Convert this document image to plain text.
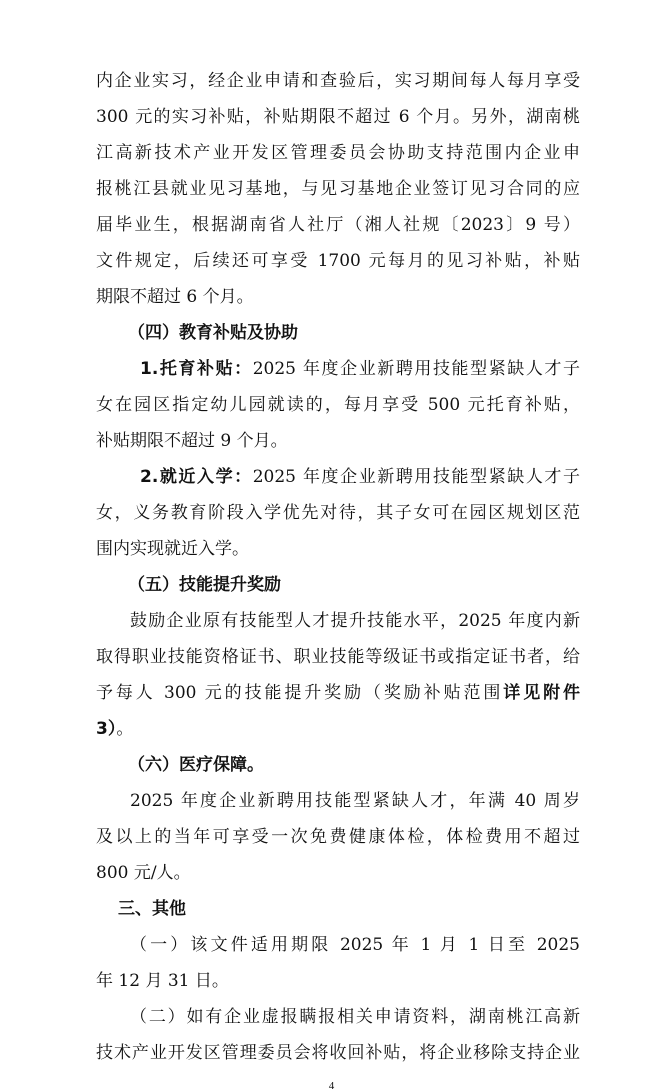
内企业实习，经企业申请和查验后，实习期间每人每月享受
300 元的实习补贴，补贴期限不超过 6 个月。另外，湖南桃
江高新技术产业开发区管理委员会协助支持范围内企业申
报桃江县就业见习基地，与见习基地企业签订见习合同的应
届毕业生，根据湖南省人社厅（湘人社规〔2023〕9 号）
文件规定，后续还可享受 1700 元每月的见习补贴，补贴
期限不超过 6 个月。
（四）教育补贴及协助
1.托育补贴：2025 年度企业新聘用技能型紧缺人才子
女在园区指定幼儿园就读的，每月享受 500 元托育补贴，
补贴期限不超过 9 个月。
2.就近入学：2025 年度企业新聘用技能型紧缺人才子
女，义务教育阶段入学优先对待，其子女可在园区规划区范
围内实现就近入学。
（五）技能提升奖励
鼓励企业原有技能型人才提升技能水平，2025 年度内新
取得职业技能资格证书、职业技能等级证书或指定证书者，给
予每人 300 元的技能提升奖励（奖励补贴范围详见附件
3）。
4
（六）医疗保障。
2025 年度企业新聘用技能型紧缺人才，年满 40 周岁
及以上的当年可享受一次免费健康体检，体检费用不超过
800 元/人。
三、其他
（一）该文件适用期限 2025 年 1 月 1 日至 2025
年 12 月 31 日。
（二）如有企业虚报瞒报相关申请资料，湖南桃江高新
技术产业开发区管理委员会将收回补贴，将企业移除支持企业
